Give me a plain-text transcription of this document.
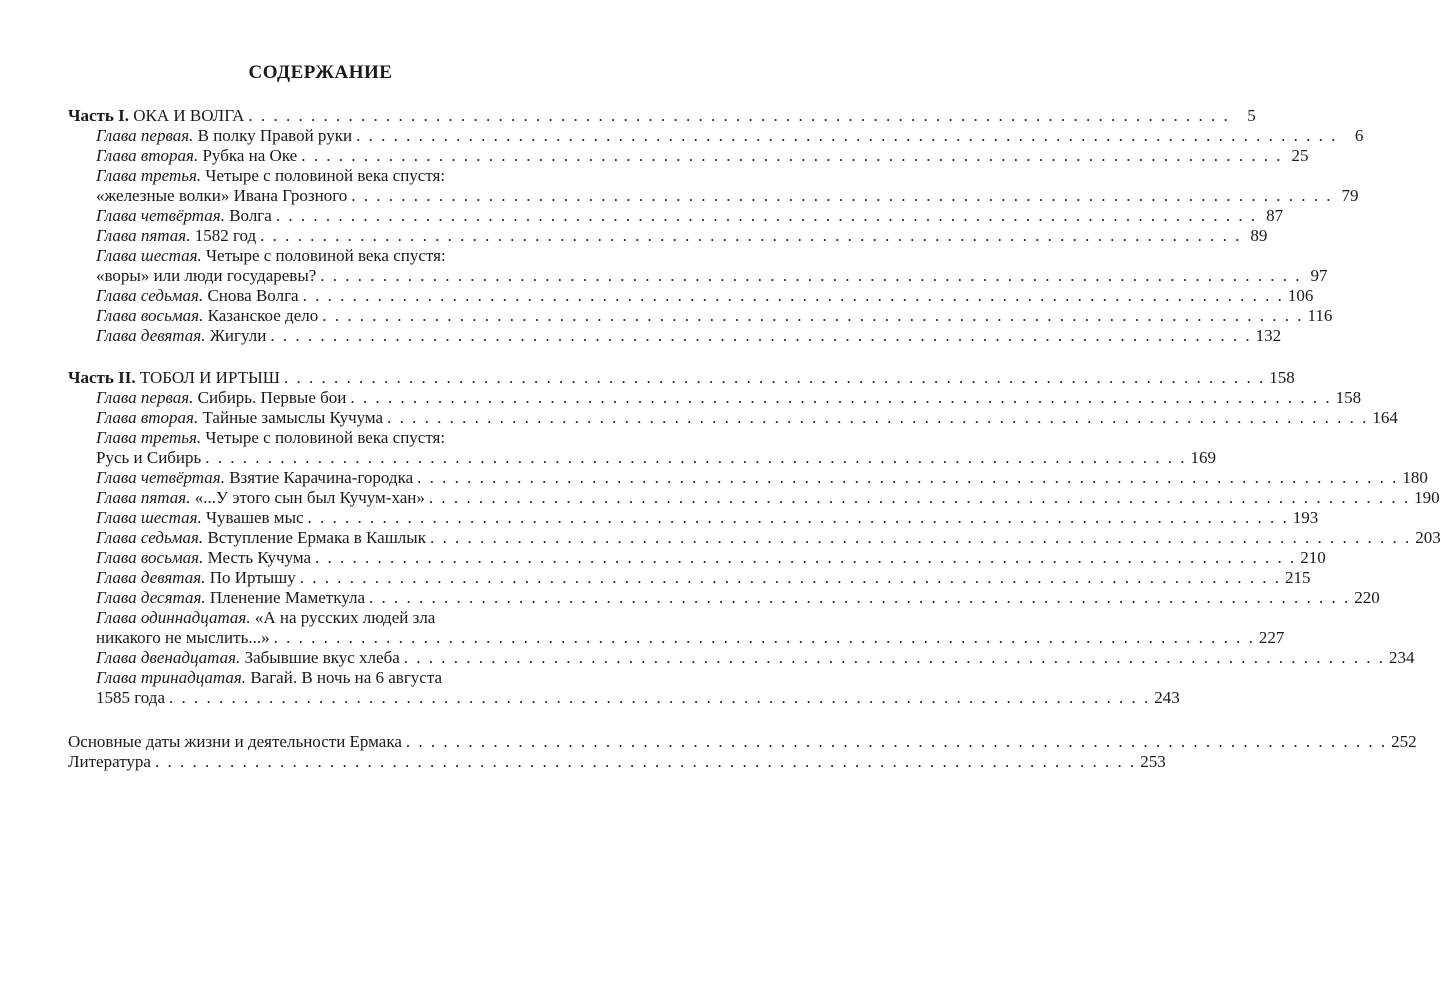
СОДЕРЖАНИЕ
Часть I. ОКА И ВОЛГА . . . . . . . . . . . . . . . . . . . . . . . . . . . . . . . . . . . . . . . . . . . . . . . . . . . . . . . . . . . . . . . . . . . . . . . . . . . . . . .	5
Глава первая. В полку Правой руки . . . . . . . . . . . . . . . . . . . . . . . . . . . . . . . . . . . . . . . . . . . . . . . . . . . . . . . . . . . . . . . . . . . . . . . . . . . . . . .	6
Глава вторая. Рубка на Оке . . . . . . . . . . . . . . . . . . . . . . . . . . . . . . . . . . . . . . . . . . . . . . . . . . . . . . . . . . . . . . . . . . . . . . . . . . . . . . . 25
Глава третья. Четыре с половиной века спустя:
«железные волки» Ивана Грозного . . . . . . . . . . . . . . . . . . . . . . . . . . . . . . . . . . . . . . . . . . . . . . . . . . . . . . . . . . . . . . . . . . . . . . . . . . . . . . . 79
Глава четвёртая. Волга . . . . . . . . . . . . . . . . . . . . . . . . . . . . . . . . . . . . . . . . . . . . . . . . . . . . . . . . . . . . . . . . . . . . . . . . . . . . . . . 87
Глава пятая. 1582 год . . . . . . . . . . . . . . . . . . . . . . . . . . . . . . . . . . . . . . . . . . . . . . . . . . . . . . . . . . . . . . . . . . . . . . . . . . . . . . . 89
Глава шестая. Четыре с половиной века спустя:
«воры» или люди государевы? . . . . . . . . . . . . . . . . . . . . . . . . . . . . . . . . . . . . . . . . . . . . . . . . . . . . . . . . . . . . . . . . . . . . . . . . . . . . . . . 97
Глава седьмая. Снова Волга . . . . . . . . . . . . . . . . . . . . . . . . . . . . . . . . . . . . . . . . . . . . . . . . . . . . . . . . . . . . . . . . . . . . . . . . . . . . . . . 106
Глава восьмая. Казанское дело . . . . . . . . . . . . . . . . . . . . . . . . . . . . . . . . . . . . . . . . . . . . . . . . . . . . . . . . . . . . . . . . . . . . . . . . . . . . . . . 116
Глава девятая. Жигули . . . . . . . . . . . . . . . . . . . . . . . . . . . . . . . . . . . . . . . . . . . . . . . . . . . . . . . . . . . . . . . . . . . . . . . . . . . . . . . 132
Часть II. ТОБОЛ И ИРТЫШ . . . . . . . . . . . . . . . . . . . . . . . . . . . . . . . . . . . . . . . . . . . . . . . . . . . . . . . . . . . . . . . . . . . . . . . . . . . . . . . 158
Глава первая. Сибирь. Первые бои . . . . . . . . . . . . . . . . . . . . . . . . . . . . . . . . . . . . . . . . . . . . . . . . . . . . . . . . . . . . . . . . . . . . . . . . . . . . . . . 158
Глава вторая. Тайные замыслы Кучума . . . . . . . . . . . . . . . . . . . . . . . . . . . . . . . . . . . . . . . . . . . . . . . . . . . . . . . . . . . . . . . . . . . . . . . . . . . . . . . 164
Глава третья. Четыре с половиной века спустя:
Русь и Сибирь . . . . . . . . . . . . . . . . . . . . . . . . . . . . . . . . . . . . . . . . . . . . . . . . . . . . . . . . . . . . . . . . . . . . . . . . . . . . . . . 169
Глава четвёртая. Взятие Карачина-городка . . . . . . . . . . . . . . . . . . . . . . . . . . . . . . . . . . . . . . . . . . . . . . . . . . . . . . . . . . . . . . . . . . . . . . . . . . . . . . . 180
Глава пятая. «...У этого сын был Кучум-хан» . . . . . . . . . . . . . . . . . . . . . . . . . . . . . . . . . . . . . . . . . . . . . . . . . . . . . . . . . . . . . . . . . . . . . . . . . . . . . . . 190
Глава шестая. Чувашев мыс . . . . . . . . . . . . . . . . . . . . . . . . . . . . . . . . . . . . . . . . . . . . . . . . . . . . . . . . . . . . . . . . . . . . . . . . . . . . . . . 193
Глава седьмая. Вступление Ермака в Кашлык . . . . . . . . . . . . . . . . . . . . . . . . . . . . . . . . . . . . . . . . . . . . . . . . . . . . . . . . . . . . . . . . . . . . . . . . . . . . . . . 203
Глава восьмая. Месть Кучума . . . . . . . . . . . . . . . . . . . . . . . . . . . . . . . . . . . . . . . . . . . . . . . . . . . . . . . . . . . . . . . . . . . . . . . . . . . . . . . 210
Глава девятая. По Иртышу . . . . . . . . . . . . . . . . . . . . . . . . . . . . . . . . . . . . . . . . . . . . . . . . . . . . . . . . . . . . . . . . . . . . . . . . . . . . . . . 215
Глава десятая. Пленение Маметкула . . . . . . . . . . . . . . . . . . . . . . . . . . . . . . . . . . . . . . . . . . . . . . . . . . . . . . . . . . . . . . . . . . . . . . . . . . . . . . . 220
Глава одиннадцатая. «А на русских людей зла
никакого не мыслить...» . . . . . . . . . . . . . . . . . . . . . . . . . . . . . . . . . . . . . . . . . . . . . . . . . . . . . . . . . . . . . . . . . . . . . . . . . . . . . . . 227
Глава двенадцатая. Забывшие вкус хлеба . . . . . . . . . . . . . . . . . . . . . . . . . . . . . . . . . . . . . . . . . . . . . . . . . . . . . . . . . . . . . . . . . . . . . . . . . . . . . . . 234
Глава тринадцатая. Вагай. В ночь на 6 августа
1585 года . . . . . . . . . . . . . . . . . . . . . . . . . . . . . . . . . . . . . . . . . . . . . . . . . . . . . . . . . . . . . . . . . . . . . . . . . . . . . . . 243
Основные даты жизни и деятельности Ермака . . . . . . . . . . . . . . . . . . . . . . . . . . . . . . . . . . . . . . . . . . . . . . . . . . . . . . . . . . . . . . . . . . . . . . . . . . . . . . . 252
Литература . . . . . . . . . . . . . . . . . . . . . . . . . . . . . . . . . . . . . . . . . . . . . . . . . . . . . . . . . . . . . . . . . . . . . . . . . . . . . . . 253
